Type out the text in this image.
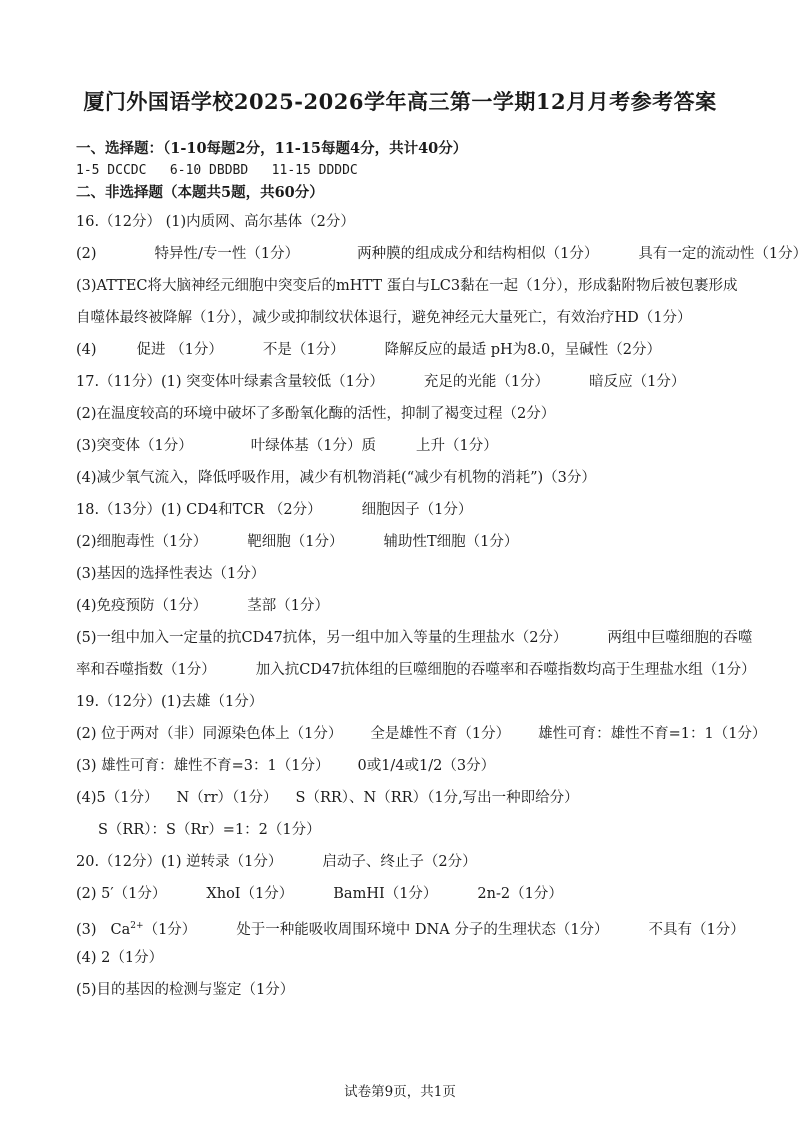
厦门外国语学校2025-2026学年高三第一学期12月月考参考答案
一、选择题：（1-10每题2分，11-15每题4分，共计40分）
1-5 DCCDC   6-10 DBDBD   11-15 DDDDC
二、非选择题（本题共5题，共60分）
16.（12分） (1)内质网、高尔基体（2分）
(2)	特异性/专一性（1分）	两种膜的组成成分和结构相似（1分）	具有一定的流动性（1分）
(3)ATTEC将大脑神经元细胞中突变后的mHTT 蛋白与LC3黏在一起（1分），形成黏附物后被包裹形成
自噬体最终被降解（1分），减少或抑制纹状体退行，避免神经元大量死亡，有效治疗HD（1分）
(4)	促进 （1分）	不是（1分）	降解反应的最适 pH为8.0，呈碱性（2分）
17.（11分）(1) 突变体叶绿素含量较低（1分）	充足的光能（1分）	暗反应（1分）
(2)在温度较高的环境中破坏了多酚氧化酶的活性，抑制了褐变过程（2分）
(3)突变体（1分）	叶绿体基（1分）质	上升（1分）
(4)减少氧气流入，降低呼吸作用，减少有机物消耗(“减少有机物的消耗”)（3分）
18.（13分）(1) CD4和TCR （2分）	细胞因子（1分）
(2)细胞毒性（1分）	靶细胞（1分）	辅助性T细胞（1分）
(3)基因的选择性表达（1分）
(4)免疫预防（1分）	茎部（1分）
(5)一组中加入一定量的抗CD47抗体，另一组中加入等量的生理盐水（2分）	两组中巨噬细胞的吞噬
率和吞噬指数（1分）	加入抗CD47抗体组的巨噬细胞的吞噬率和吞噬指数均高于生理盐水组（1分）
19.（12分）(1)去雄（1分）
(2) 位于两对（非）同源染色体上（1分） 全是雄性不育（1分） 雄性可育：雄性不育=1：1（1分）
(3) 雄性可育：雄性不育=3：1（1分） 0或1/4或1/2（3分）
(4)5（1分） N（rr）（1分） S（RR）、N（RR）（1分,写出一种即给分）
S（RR）：S（Rr）=1：2（1分）
20.（12分）(1) 逆转录（1分）	启动子、终止子（2分）
(2) 5′（1分）	XhoI（1分）	BamHⅠ（1分）	2n-2（1分）
(3) $Ca^{2+}(1$分）	处于一种能吸收周围环境中 DNA 分子的生理状态（1分）	不具有（1分）
(4) 2（1分）
(5)目的基因的检测与鉴定（1分）
试卷第9页，共1页
